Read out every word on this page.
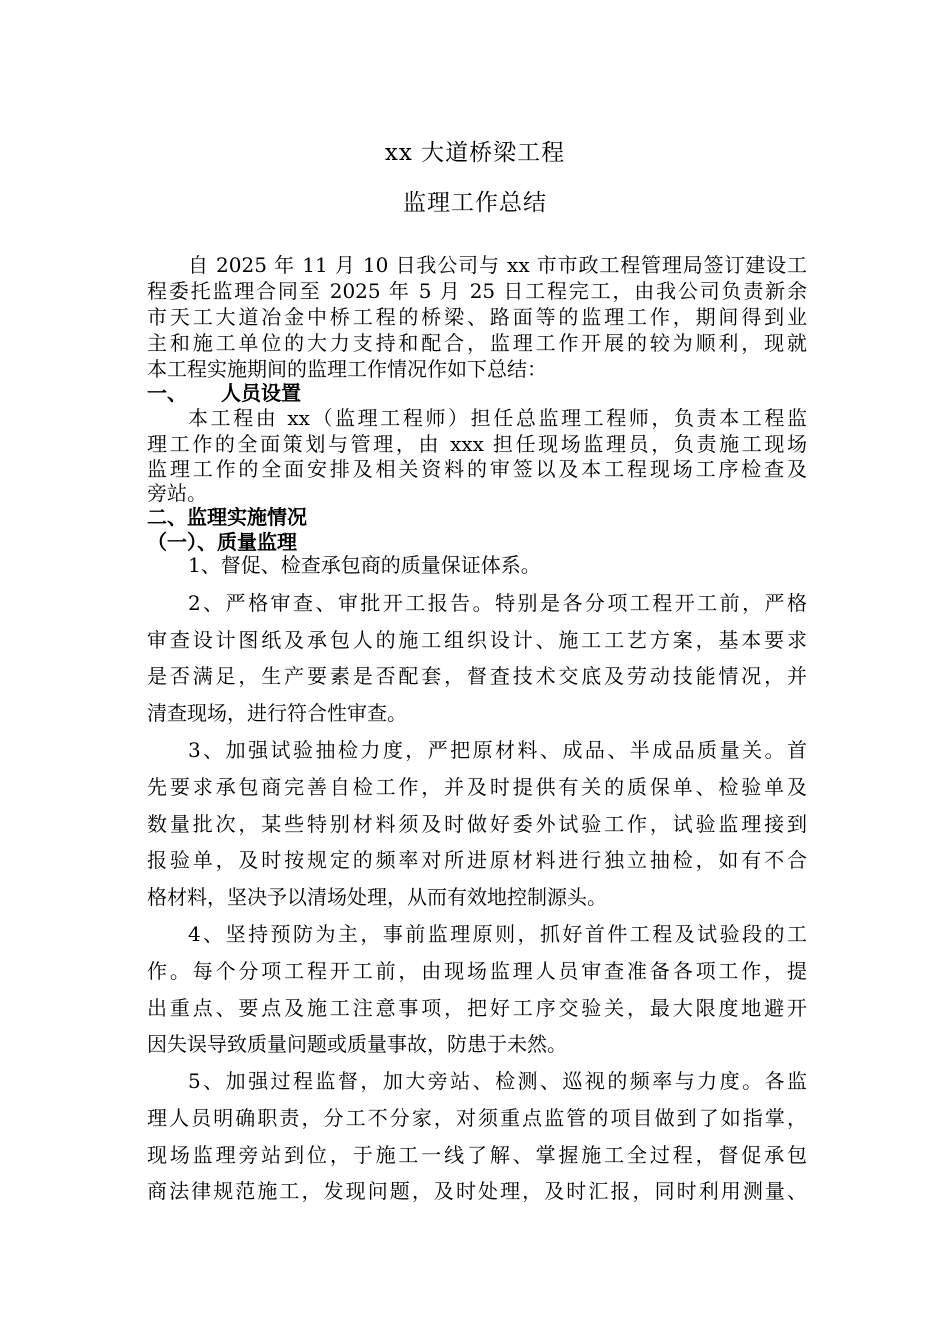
xx 大道桥梁工程
监理工作总结
自 2025 年 11 月 10 日我公司与 xx 市市政工程管理局签订建设工
程委托监理合同至 2025 年 5 月 25 日工程完工，由我公司负责新余
市天工大道冶金中桥工程的桥梁、路面等的监理工作，期间得到业
主和施工单位的大力支持和配合，监理工作开展的较为顺利，现就
本工程实施期间的监理工作情况作如下总结：
一、 人员设置
本工程由 xx（监理工程师）担任总监理工程师，负责本工程监
理工作的全面策划与管理，由 xxx 担任现场监理员，负责施工现场
监理工作的全面安排及相关资料的审签以及本工程现场工序检查及
旁站。
二、监理实施情况
（一）、质量监理
1、督促、检查承包商的质量保证体系。
2、严格审查、审批开工报告。特别是各分项工程开工前，严格
审查设计图纸及承包人的施工组织设计、施工工艺方案，基本要求
是否满足，生产要素是否配套，督査技术交底及劳动技能情况，并
清查现场，进行符合性审查。
3、加强试验抽检力度，严把原材料、成品、半成品质量关。首
先要求承包商完善自检工作，并及时提供有关的质保单、检验单及
数量批次，某些特别材料须及时做好委外试验工作，试验监理接到
报验单，及时按规定的频率对所进原材料进行独立抽检，如有不合
格材料，坚决予以清场处理，从而有效地控制源头。
4、坚持预防为主，事前监理原则，抓好首件工程及试验段的工
作。每个分项工程开工前，由现场监理人员审查准备各项工作，提
出重点、要点及施工注意事项，把好工序交验关，最大限度地避开
因失误导致质量问题或质量事故，防患于未然。
5、加强过程监督，加大旁站、检测、巡视的频率与力度。各监
理人员明确职责，分工不分家，对须重点监管的项目做到了如指掌，
现场监理旁站到位，于施工一线了解、掌握施工全过程，督促承包
商法律规范施工，发现问题，及时处理，及时汇报，同时利用测量、
